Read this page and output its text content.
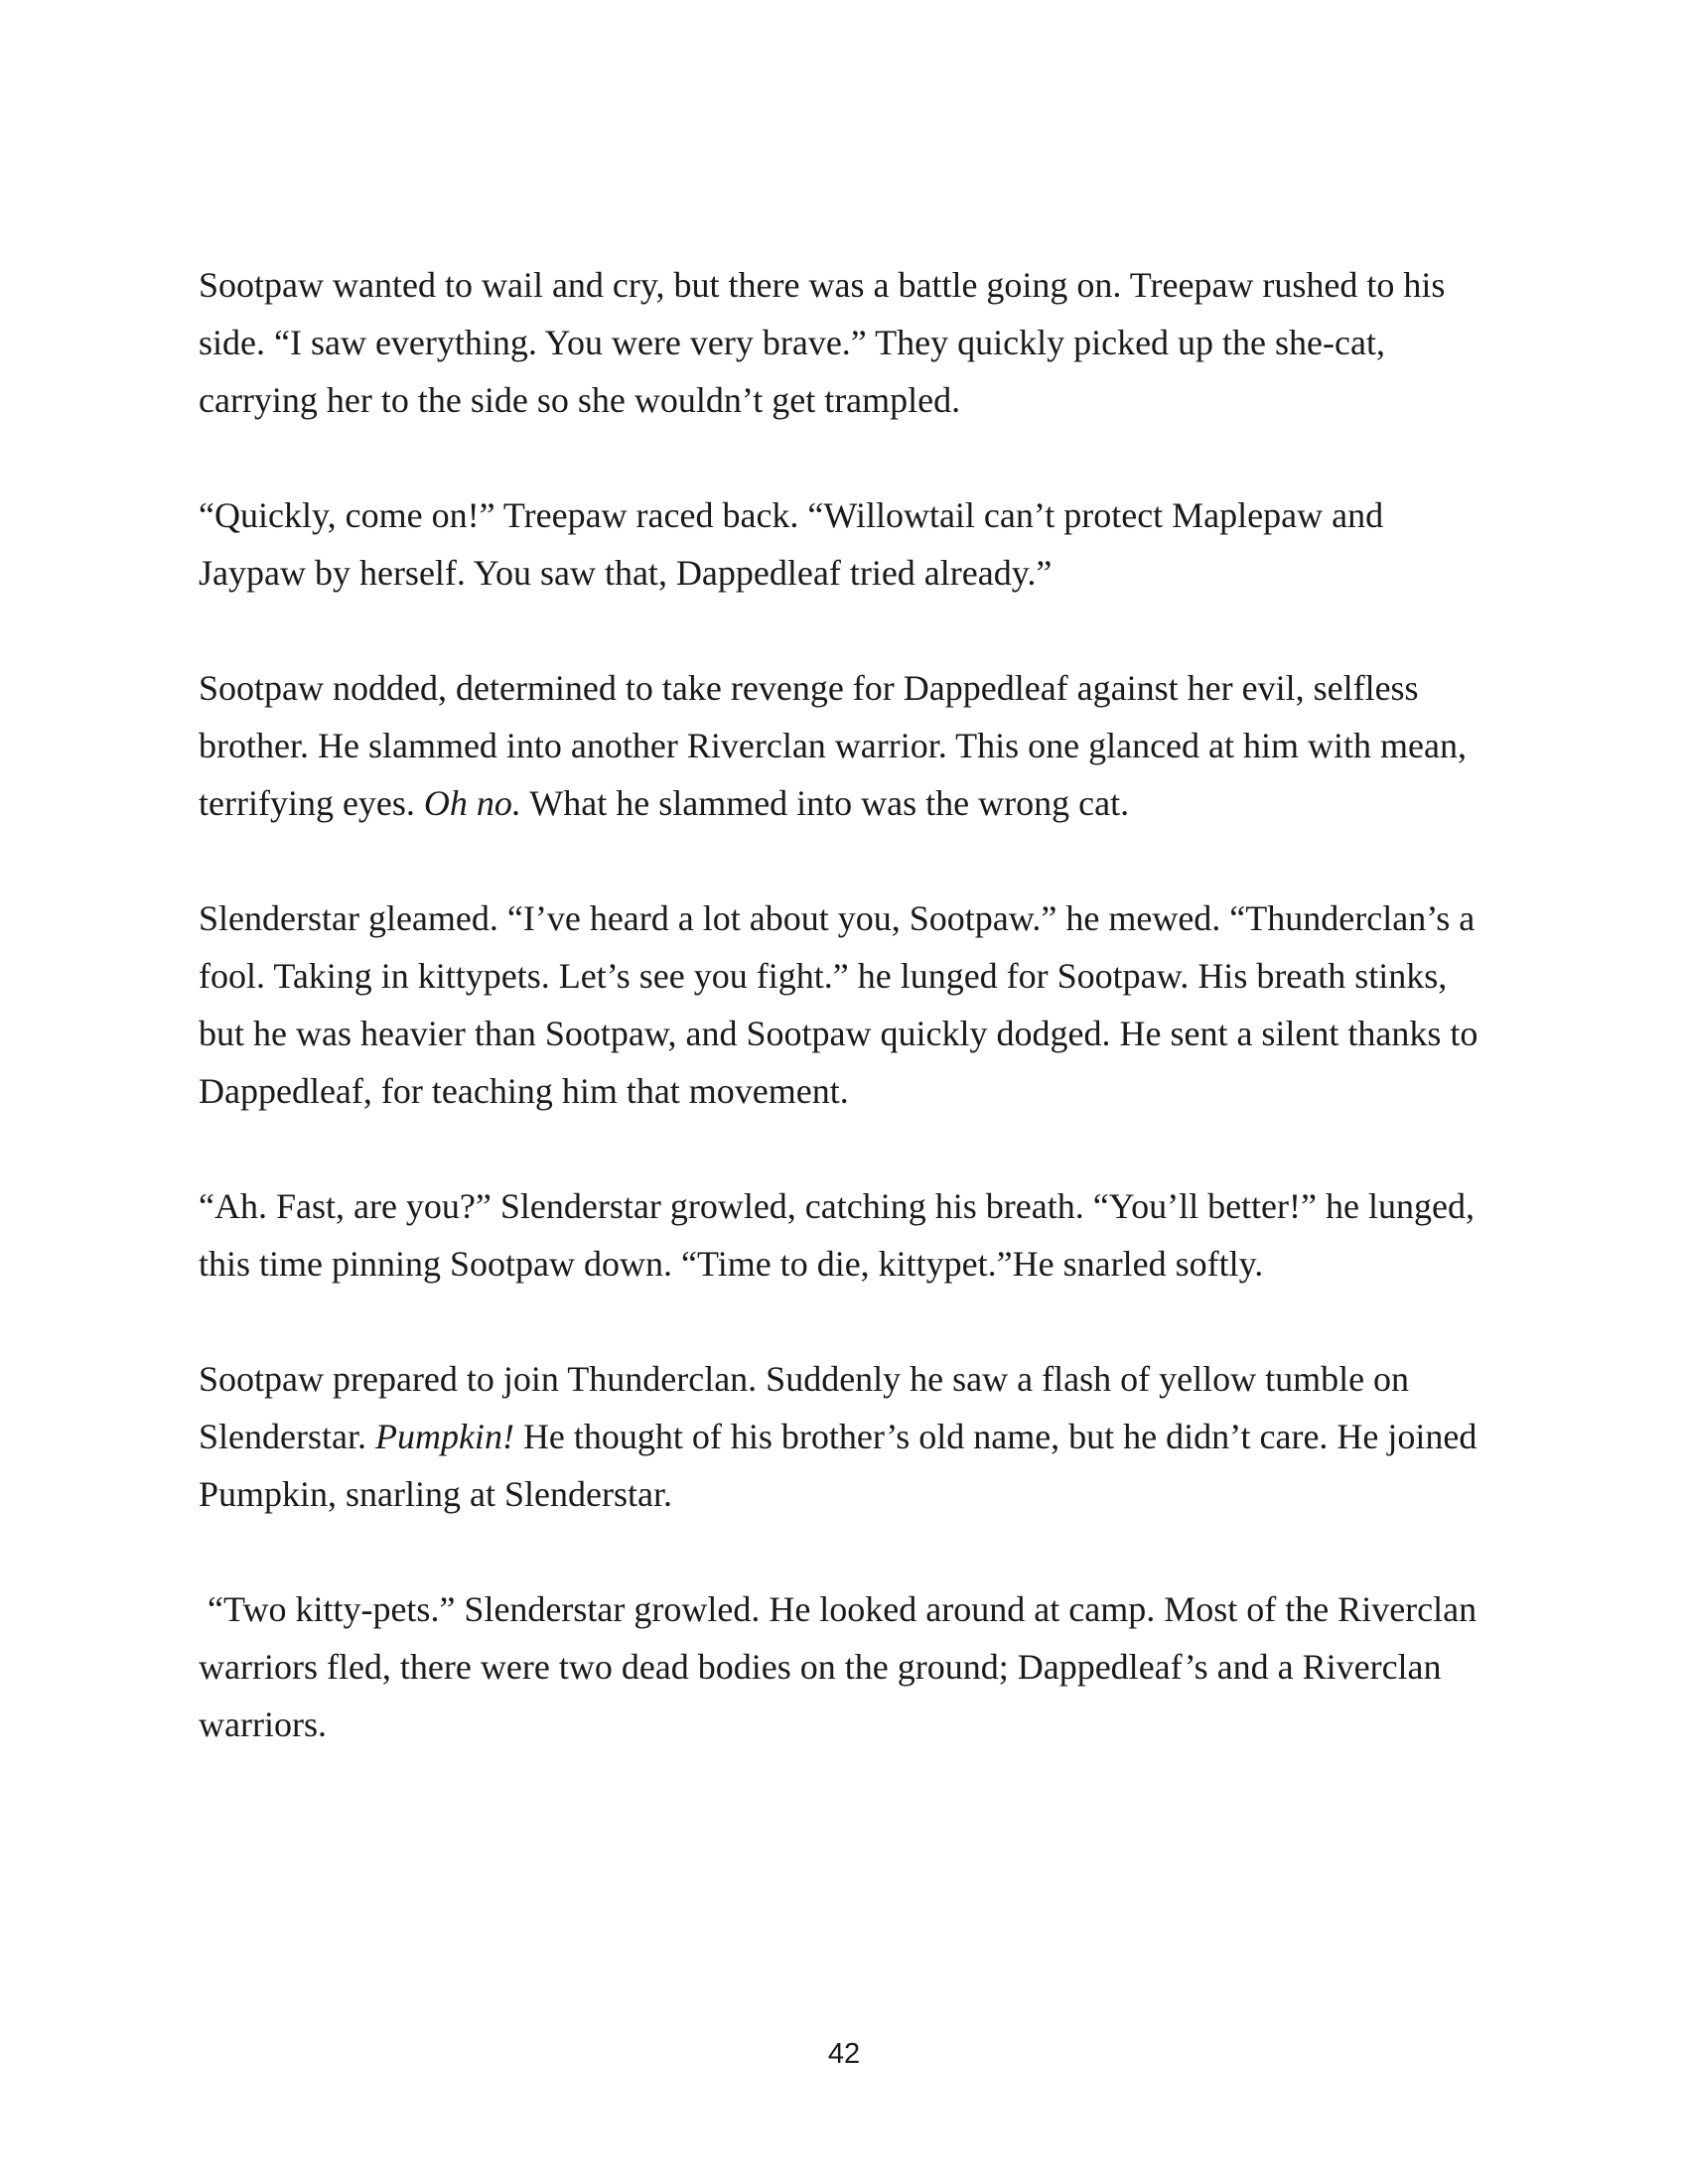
Sootpaw wanted to wail and cry, but there was a battle going on. Treepaw rushed to his side. “I saw everything. You were very brave.” They quickly picked up the she-cat, carrying her to the side so she wouldn’t get trampled.

“Quickly, come on!” Treepaw raced back. “Willowtail can’t protect Maplepaw and Jaypaw by herself. You saw that, Dappedleaf tried already.”

Sootpaw nodded, determined to take revenge for Dappedleaf against her evil, selfless brother. He slammed into another Riverclan warrior. This one glanced at him with mean, terrifying eyes. Oh no. What he slammed into was the wrong cat.

Slenderstar gleamed. “I’ve heard a lot about you, Sootpaw.” he mewed. “Thunderclan’s a fool. Taking in kittypets. Let’s see you fight.” he lunged for Sootpaw. His breath stinks, but he was heavier than Sootpaw, and Sootpaw quickly dodged. He sent a silent thanks to Dappedleaf, for teaching him that movement.

“Ah. Fast, are you?” Slenderstar growled, catching his breath. “You’ll better!” he lunged, this time pinning Sootpaw down. “Time to die, kittypet.”He snarled softly.

Sootpaw prepared to join Thunderclan. Suddenly he saw a flash of yellow tumble on Slenderstar. Pumpkin! He thought of his brother’s old name, but he didn’t care. He joined Pumpkin, snarling at Slenderstar.

“Two kitty-pets.” Slenderstar growled. He looked around at camp. Most of the Riverclan warriors fled, there were two dead bodies on the ground; Dappedleaf’s and a Riverclan warriors.

42
